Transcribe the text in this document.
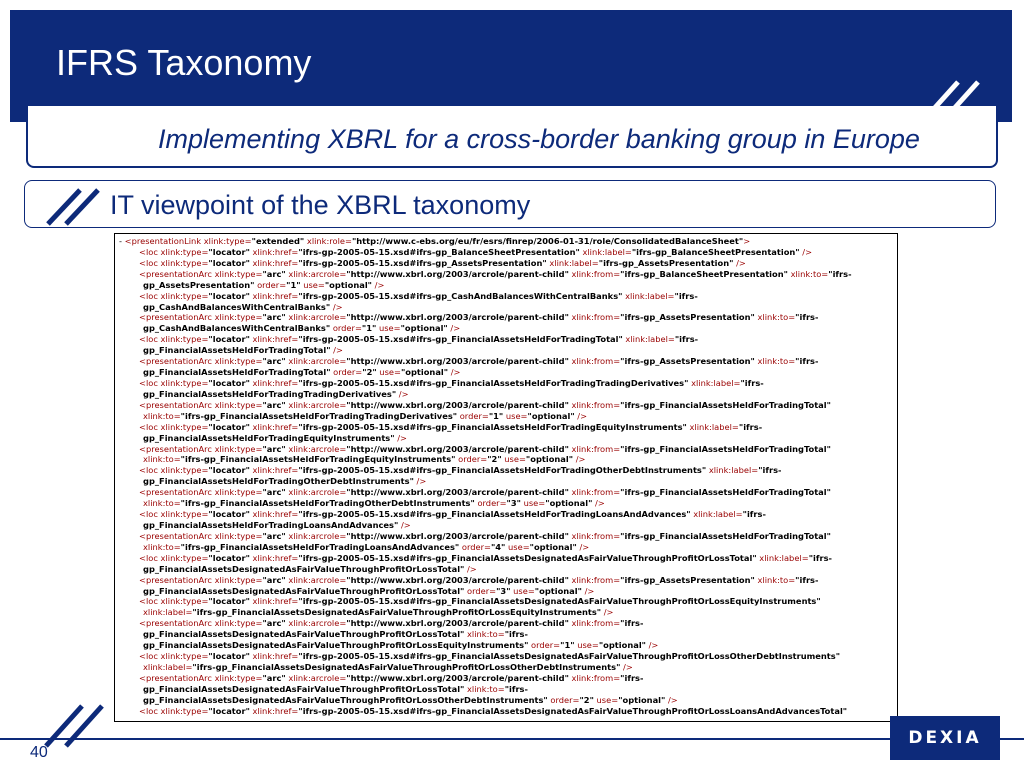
IFRS Taxonomy
Implementing XBRL for a cross-border banking group in Europe
IT viewpoint of the XBRL taxonomy
- <presentationLink xlink:type="extended" xlink:role="http://www.c-ebs.org/eu/fr/esrs/finrep/2006-01-31/role/ConsolidatedBalanceSheet">
<loc xlink:type="locator" xlink:href="ifrs-gp-2005-05-15.xsd#ifrs-gp_BalanceSheetPresentation" xlink:label="ifrs-gp_BalanceSheetPresentation" />
<loc xlink:type="locator" xlink:href="ifrs-gp-2005-05-15.xsd#ifrs-gp_AssetsPresentation" xlink:label="ifrs-gp_AssetsPresentation" />
<presentationArc xlink:type="arc" xlink:arcrole="http://www.xbrl.org/2003/arcrole/parent-child" xlink:from="ifrs-gp_BalanceSheetPresentation" xlink:to="ifrs-
gp_AssetsPresentation" order="1" use="optional" />
<loc xlink:type="locator" xlink:href="ifrs-gp-2005-05-15.xsd#ifrs-gp_CashAndBalancesWithCentralBanks" xlink:label="ifrs-
gp_CashAndBalancesWithCentralBanks" />
<presentationArc xlink:type="arc" xlink:arcrole="http://www.xbrl.org/2003/arcrole/parent-child" xlink:from="ifrs-gp_AssetsPresentation" xlink:to="ifrs-
gp_CashAndBalancesWithCentralBanks" order="1" use="optional" />
<loc xlink:type="locator" xlink:href="ifrs-gp-2005-05-15.xsd#ifrs-gp_FinancialAssetsHeldForTradingTotal" xlink:label="ifrs-
gp_FinancialAssetsHeldForTradingTotal" />
<presentationArc xlink:type="arc" xlink:arcrole="http://www.xbrl.org/2003/arcrole/parent-child" xlink:from="ifrs-gp_AssetsPresentation" xlink:to="ifrs-
gp_FinancialAssetsHeldForTradingTotal" order="2" use="optional" />
<loc xlink:type="locator" xlink:href="ifrs-gp-2005-05-15.xsd#ifrs-gp_FinancialAssetsHeldForTradingTradingDerivatives" xlink:label="ifrs-
gp_FinancialAssetsHeldForTradingTradingDerivatives" />
<presentationArc xlink:type="arc" xlink:arcrole="http://www.xbrl.org/2003/arcrole/parent-child" xlink:from="ifrs-gp_FinancialAssetsHeldForTradingTotal"
xlink:to="ifrs-gp_FinancialAssetsHeldForTradingTradingDerivatives" order="1" use="optional" />
<loc xlink:type="locator" xlink:href="ifrs-gp-2005-05-15.xsd#ifrs-gp_FinancialAssetsHeldForTradingEquityInstruments" xlink:label="ifrs-
gp_FinancialAssetsHeldForTradingEquityInstruments" />
<presentationArc xlink:type="arc" xlink:arcrole="http://www.xbrl.org/2003/arcrole/parent-child" xlink:from="ifrs-gp_FinancialAssetsHeldForTradingTotal"
xlink:to="ifrs-gp_FinancialAssetsHeldForTradingEquityInstruments" order="2" use="optional" />
<loc xlink:type="locator" xlink:href="ifrs-gp-2005-05-15.xsd#ifrs-gp_FinancialAssetsHeldForTradingOtherDebtInstruments" xlink:label="ifrs-
gp_FinancialAssetsHeldForTradingOtherDebtInstruments" />
<presentationArc xlink:type="arc" xlink:arcrole="http://www.xbrl.org/2003/arcrole/parent-child" xlink:from="ifrs-gp_FinancialAssetsHeldForTradingTotal"
xlink:to="ifrs-gp_FinancialAssetsHeldForTradingOtherDebtInstruments" order="3" use="optional" />
<loc xlink:type="locator" xlink:href="ifrs-gp-2005-05-15.xsd#ifrs-gp_FinancialAssetsHeldForTradingLoansAndAdvances" xlink:label="ifrs-
gp_FinancialAssetsHeldForTradingLoansAndAdvances" />
<presentationArc xlink:type="arc" xlink:arcrole="http://www.xbrl.org/2003/arcrole/parent-child" xlink:from="ifrs-gp_FinancialAssetsHeldForTradingTotal"
xlink:to="ifrs-gp_FinancialAssetsHeldForTradingLoansAndAdvances" order="4" use="optional" />
<loc xlink:type="locator" xlink:href="ifrs-gp-2005-05-15.xsd#ifrs-gp_FinancialAssetsDesignatedAsFairValueThroughProfitOrLossTotal" xlink:label="ifrs-
gp_FinancialAssetsDesignatedAsFairValueThroughProfitOrLossTotal" />
<presentationArc xlink:type="arc" xlink:arcrole="http://www.xbrl.org/2003/arcrole/parent-child" xlink:from="ifrs-gp_AssetsPresentation" xlink:to="ifrs-
gp_FinancialAssetsDesignatedAsFairValueThroughProfitOrLossTotal" order="3" use="optional" />
<loc xlink:type="locator" xlink:href="ifrs-gp-2005-05-15.xsd#ifrs-gp_FinancialAssetsDesignatedAsFairValueThroughProfitOrLossEquityInstruments"
xlink:label="ifrs-gp_FinancialAssetsDesignatedAsFairValueThroughProfitOrLossEquityInstruments" />
<presentationArc xlink:type="arc" xlink:arcrole="http://www.xbrl.org/2003/arcrole/parent-child" xlink:from="ifrs-
gp_FinancialAssetsDesignatedAsFairValueThroughProfitOrLossTotal" xlink:to="ifrs-
gp_FinancialAssetsDesignatedAsFairValueThroughProfitOrLossEquityInstruments" order="1" use="optional" />
<loc xlink:type="locator" xlink:href="ifrs-gp-2005-05-15.xsd#ifrs-gp_FinancialAssetsDesignatedAsFairValueThroughProfitOrLossOtherDebtInstruments"
xlink:label="ifrs-gp_FinancialAssetsDesignatedAsFairValueThroughProfitOrLossOtherDebtInstruments" />
<presentationArc xlink:type="arc" xlink:arcrole="http://www.xbrl.org/2003/arcrole/parent-child" xlink:from="ifrs-
gp_FinancialAssetsDesignatedAsFairValueThroughProfitOrLossTotal" xlink:to="ifrs-
gp_FinancialAssetsDesignatedAsFairValueThroughProfitOrLossOtherDebtInstruments" order="2" use="optional" />
<loc xlink:type="locator" xlink:href="ifrs-gp-2005-05-15.xsd#ifrs-gp_FinancialAssetsDesignatedAsFairValueThroughProfitOrLossLoansAndAdvancesTotal"
40
DEXIA
